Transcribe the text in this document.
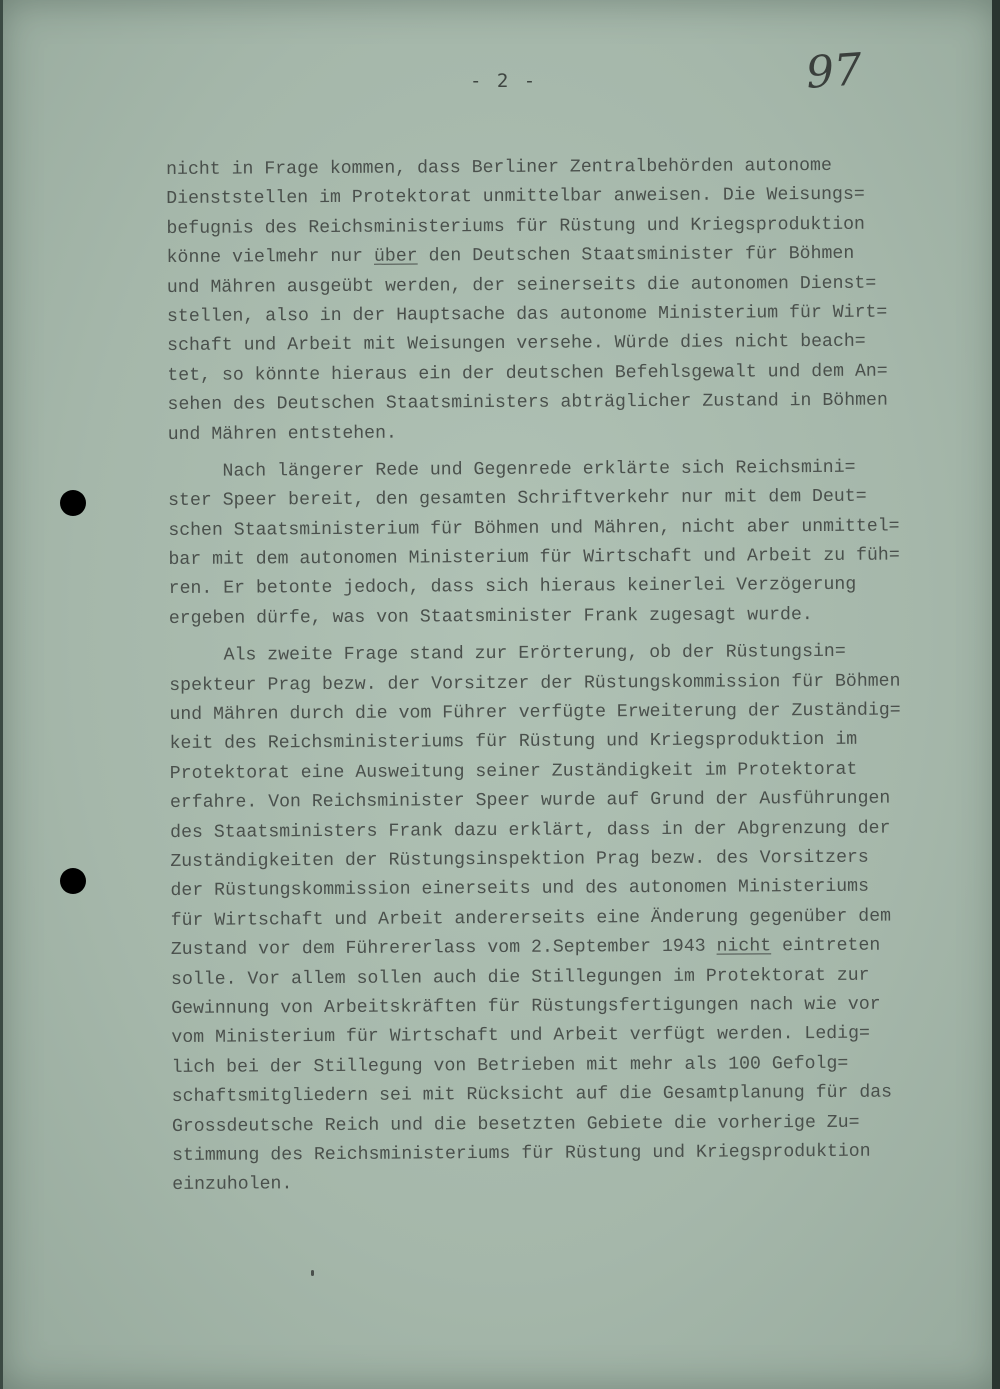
- 2 -	97
nicht in Frage kommen, dass Berliner Zentralbehörden autonome
Dienststellen im Protektorat unmittelbar anweisen. Die Weisungs=
befugnis des Reichsministeriums für Rüstung und Kriegsproduktion
könne vielmehr nur über den Deutschen Staatsminister für Böhmen
und Mähren ausgeübt werden, der seinerseits die autonomen Dienst=
stellen, also in der Hauptsache das autonome Ministerium für Wirt=
schaft und Arbeit mit Weisungen versehe. Würde dies nicht beach=
tet, so könnte hieraus ein der deutschen Befehlsgewalt und dem An=
sehen des Deutschen Staatsministers abträglicher Zustand in Böhmen
und Mähren entstehen.
Nach längerer Rede und Gegenrede erklärte sich Reichsmini=
ster Speer bereit, den gesamten Schriftverkehr nur mit dem Deut=
schen Staatsministerium für Böhmen und Mähren, nicht aber unmittel=
bar mit dem autonomen Ministerium für Wirtschaft und Arbeit zu füh=
ren. Er betonte jedoch, dass sich hieraus keinerlei Verzögerung
ergeben dürfe, was von Staatsminister Frank zugesagt wurde.
Als zweite Frage stand zur Erörterung, ob der Rüstungsin=
spekteur Prag bezw. der Vorsitzer der Rüstungskommission für Böhmen
und Mähren durch die vom Führer verfügte Erweiterung der Zuständig=
keit des Reichsministeriums für Rüstung und Kriegsproduktion im
Protektorat eine Ausweitung seiner Zuständigkeit im Protektorat
erfahre. Von Reichsminister Speer wurde auf Grund der Ausführungen
des Staatsministers Frank dazu erklärt, dass in der Abgrenzung der
Zuständigkeiten der Rüstungsinspektion Prag bezw. des Vorsitzers
der Rüstungskommission einerseits und des autonomen Ministeriums
für Wirtschaft und Arbeit andererseits eine Änderung gegenüber dem
Zustand vor dem Führererlass vom 2.September 1943 nicht eintreten
solle. Vor allem sollen auch die Stillegungen im Protektorat zur
Gewinnung von Arbeitskräften für Rüstungsfertigungen nach wie vor
vom Ministerium für Wirtschaft und Arbeit verfügt werden. Ledig=
lich bei der Stillegung von Betrieben mit mehr als 100 Gefolg=
schaftsmitgliedern sei mit Rücksicht auf die Gesamtplanung für das
Grossdeutsche Reich und die besetzten Gebiete die vorherige Zu=
stimmung des Reichsministeriums für Rüstung und Kriegsproduktion
einzuholen.
